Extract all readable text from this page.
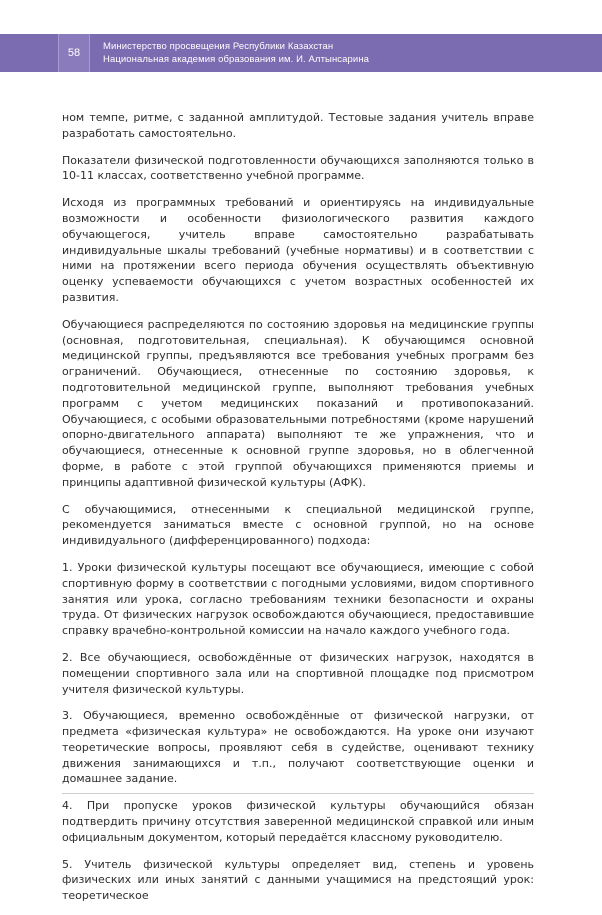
58
Министерство просвещения Республики Казахстан
Национальная академия образования им. И. Алтынсарина

ном темпе, ритме, с заданной амплитудой. Тестовые задания учитель вправе разработать самостоятельно.

Показатели физической подготовленности обучающихся заполняются только в 10-11 классах, соответственно учебной программе.

Исходя из программных требований и ориентируясь на индивидуальные возможности и особенности физиологического развития каждого обучающегося, учитель вправе самостоятельно разрабатывать индивидуальные шкалы требований (учебные нормативы) и в соответствии с ними на протяжении всего периода обучения осуществлять объективную оценку успеваемости обучающихся с учетом возрастных особенностей их развития.

Обучающиеся распределяются по состоянию здоровья на медицинские группы (основная, подготовительная, специальная). К обучающимся основной медицинской группы, предъявляются все требования учебных программ без ограничений. Обучающиеся, отнесенные по состоянию здоровья, к подготовительной медицинской группе, выполняют требования учебных программ с учетом медицинских показаний и противопоказаний. Обучающиеся, с особыми образовательными потребностями (кроме нарушений опорно-двигательного аппарата) выполняют те же упражнения, что и обучающиеся, отнесенные к основной группе здоровья, но в облегченной форме, в работе с этой группой обучающихся применяются приемы и принципы адаптивной физической культуры (АФК).

С обучающимися, отнесенными к специальной медицинской группе, рекомендуется заниматься вместе с основной группой, но на основе индивидуального (дифференцированного) подхода:

1. Уроки физической культуры посещают все обучающиеся, имеющие с собой спортивную форму в соответствии с погодными условиями, видом спортивного занятия или урока, согласно требованиям техники безопасности и охраны труда. От физических нагрузок освобождаются обучающиеся, предоставившие справку врачебно-контрольной комиссии на начало каждого учебного года.

2. Все обучающиеся, освобождённые от физических нагрузок, находятся в помещении спортивного зала или на спортивной площадке под присмотром учителя физической культуры.

3. Обучающиеся, временно освобождённые от физической нагрузки, от предмета «физическая культура» не освобождаются. На уроке они изучают теоретические вопросы, проявляют себя в судействе, оценивают технику движения занимающихся и т.п., получают соответствующие оценки и домашнее задание.

4. При пропуске уроков физической культуры обучающийся обязан подтвердить причину отсутствия заверенной медицинской справкой или иным официальным документом, который передаётся классному руководителю.

5. Учитель физической культуры определяет вид, степень и уровень физических или иных занятий с данными учащимися на предстоящий урок: теоретическое
